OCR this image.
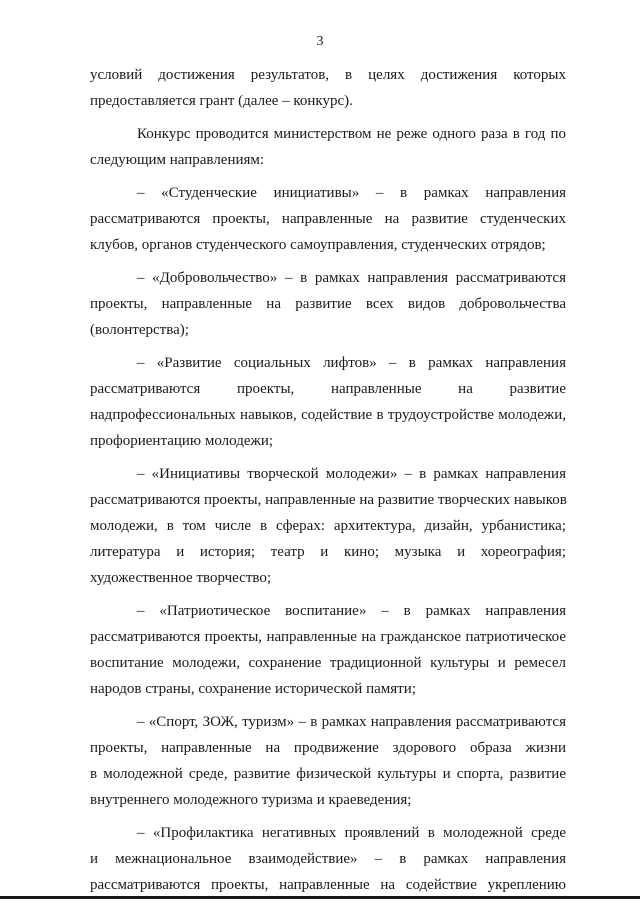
3
условий достижения результатов, в целях достижения которых
предоставляется грант (далее – конкурс).
Конкурс проводится министерством не реже одного раза в год по
следующим направлениям:
– «Студенческие инициативы» – в рамках направления
рассматриваются проекты, направленные на развитие студенческих
клубов, органов студенческого самоуправления, студенческих отрядов;
– «Добровольчество» – в рамках направления рассматриваются
проекты, направленные на развитие всех видов добровольчества
(волонтерства);
– «Развитие социальных лифтов» – в рамках направления
рассматриваются проекты, направленные на развитие
надпрофессиональных навыков, содействие в трудоустройстве молодежи,
профориентацию молодежи;
– «Инициативы творческой молодежи» – в рамках направления
рассматриваются проекты, направленные на развитие творческих навыков
молодежи, в том числе в сферах: архитектура, дизайн, урбанистика;
литература и история; театр и кино; музыка и хореография;
художественное творчество;
– «Патриотическое воспитание» – в рамках направления
рассматриваются проекты, направленные на гражданское патриотическое
воспитание молодежи, сохранение традиционной культуры и ремесел
народов страны, сохранение исторической памяти;
– «Спорт, ЗОЖ, туризм» – в рамках направления рассматриваются
проекты, направленные на продвижение здорового образа жизни
в молодежной среде, развитие физической культуры и спорта, развитие
внутреннего молодежного туризма и краеведения;
– «Профилактика негативных проявлений в молодежной среде
и межнациональное взаимодействие» – в рамках направления
рассматриваются проекты, направленные на содействие укреплению
